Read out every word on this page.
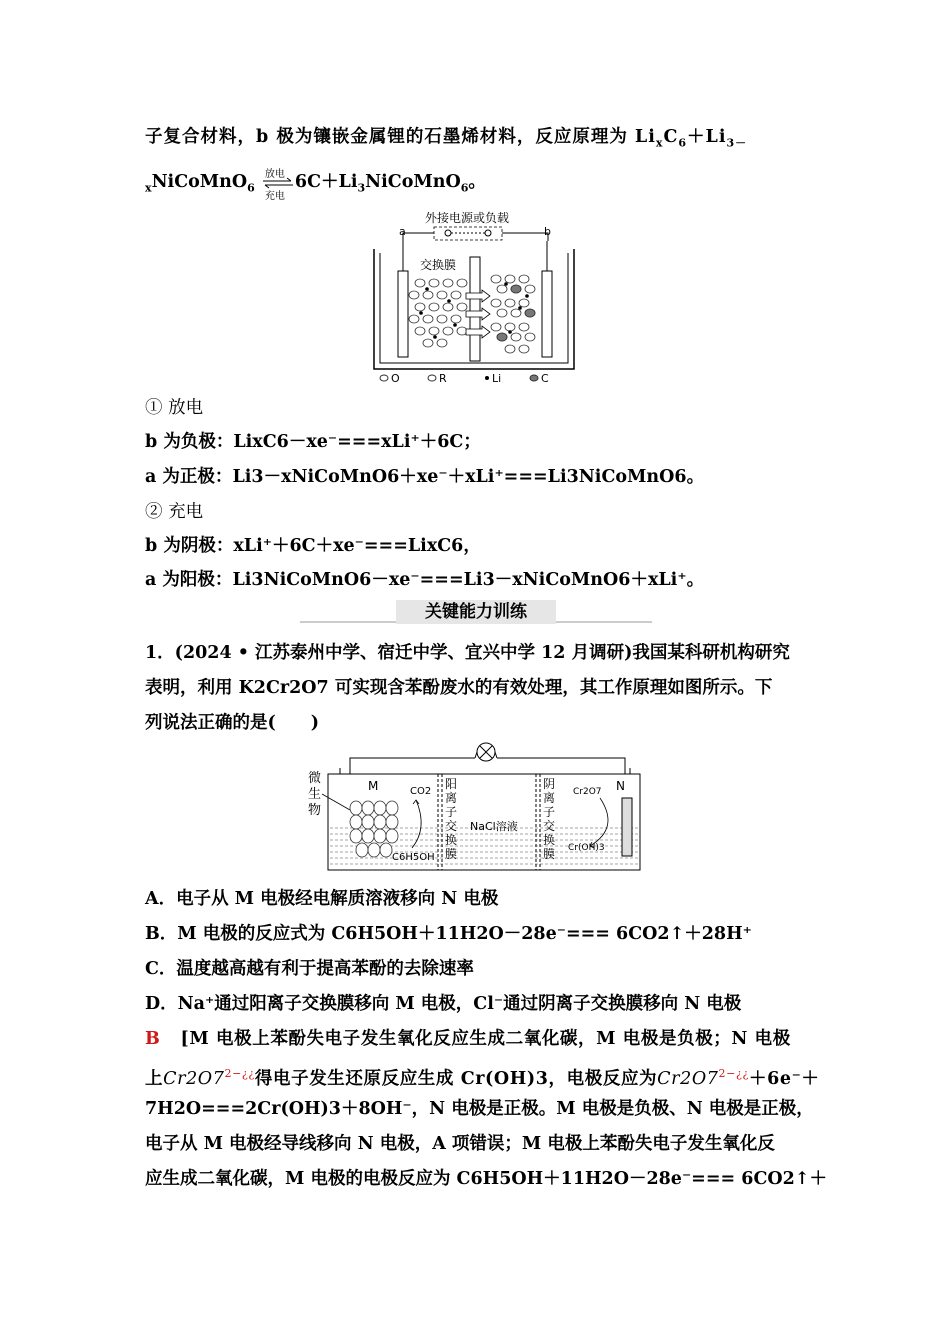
子复合材料，b 极为镶嵌金属锂的石墨烯材料，反应原理为 $Li_xC_6+Li_{3-}$
$_x$NiCoMnO$_6$
放电
充电
$6C+Li_3NiCoMnO_6$。
外接电源或负载
a	b
交换膜
O	R	Li	C
① 放电
b 为负极：LixC6－xe⁻===xLi⁺＋6C；
a 为正极：Li3－xNiCoMnO6＋xe⁻＋xLi⁺===Li3NiCoMnO6。
② 充电
b 为阴极：xLi⁺＋6C＋xe⁻===LixC6，
a 为阳极：Li3NiCoMnO6－xe⁻===Li3－xNiCoMnO6＋xLi⁺。
关键能力训练
1．(2024 • 江苏泰州中学、宿迁中学、宜兴中学 12 月调研)我国某科研机构研究
表明，利用 K2Cr2O7 可实现含苯酚废水的有效处理，其工作原理如图所示。下
列说法正确的是(　　)
微
生
物
M	CO2
C6H5OH
阳
离
子
交
换
膜
NaCl溶液
阴
离
子
交
换
膜
Cr2O7
Cr(OH)3
N
A．电子从 M 电极经电解质溶液移向 N 电极
B．M 电极的反应式为 C6H5OH＋11H2O－28e⁻=== 6CO2↑＋28H⁺
C．温度越高越有利于提高苯酚的去除速率
D．Na⁺通过阳离子交换膜移向 M 电极，Cl⁻通过阴离子交换膜移向 N 电极
B [M 电极上苯酚失电子发生氧化反应生成二氧化碳，M 电极是负极；N 电极
上$Cr2O7^{2-¿¿}$得电子发生还原反应生成 Cr(OH)3，电极反应为$Cr2O7^{2-¿¿}+6e^-+$
7H2O===2Cr(OH)3＋8OH⁻，N 电极是正极。M 电极是负极、N 电极是正极，
电子从 M 电极经导线移向 N 电极，A 项错误；M 电极上苯酚失电子发生氧化反
应生成二氧化碳，M 电极的电极反应为 C6H5OH＋11H2O－28e⁻=== 6CO2↑＋
